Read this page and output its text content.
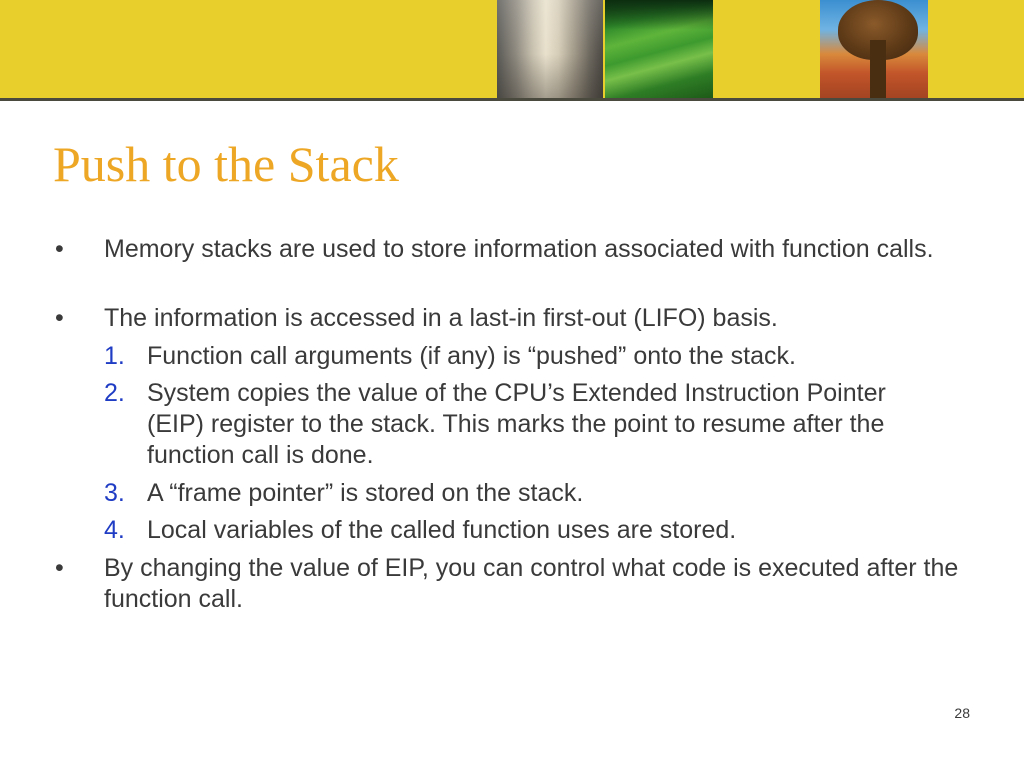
Push to the Stack
• Memory stacks are used to store information associated with function calls.
• The information is accessed in a last-in first-out (LIFO) basis.
1. Function call arguments (if any) is “pushed” onto the stack.
2. System copies the value of the CPU’s Extended Instruction Pointer (EIP) register to the stack. This marks the point to resume after the function call is done.
3. A “frame pointer” is stored on the stack.
4. Local variables of the called function uses are stored.
• By changing the value of EIP, you can control what code is executed after the function call.
28
